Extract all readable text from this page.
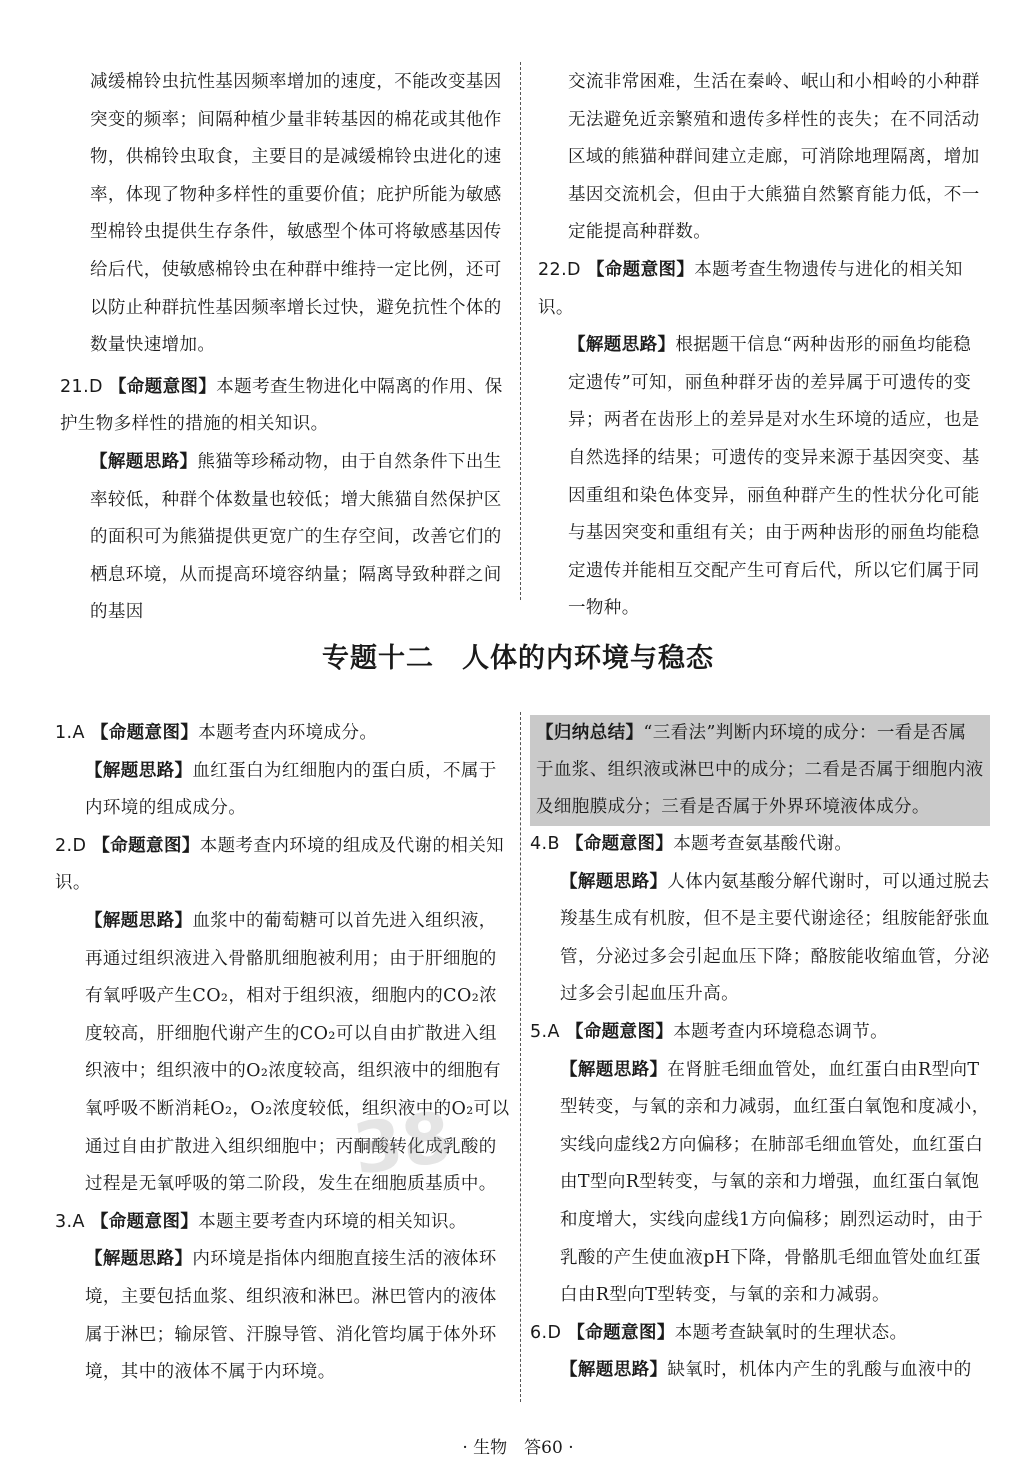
减缓棉铃虫抗性基因频率增加的速度，不能改变基因突变的频率；间隔种植少量非转基因的棉花或其他作物，供棉铃虫取食，主要目的是减缓棉铃虫进化的速率，体现了物种多样性的重要价值；庇护所能为敏感型棉铃虫提供生存条件，敏感型个体可将敏感基因传给后代，使敏感棉铃虫在种群中维持一定比例，还可以防止种群抗性基因频率增长过快，避免抗性个体的数量快速增加。

21.D 【命题意图】本题考查生物进化中隔离的作用、保护生物多样性的措施的相关知识。

【解题思路】熊猫等珍稀动物，由于自然条件下出生率较低，种群个体数量也较低；增大熊猫自然保护区的面积可为熊猫提供更宽广的生存空间，改善它们的栖息环境，从而提高环境容纳量；隔离导致种群之间的基因

交流非常困难，生活在秦岭、岷山和小相岭的小种群无法避免近亲繁殖和遗传多样性的丧失；在不同活动区域的熊猫种群间建立走廊，可消除地理隔离，增加基因交流机会，但由于大熊猫自然繁育能力低，不一定能提高种群数。

22.D 【命题意图】本题考查生物遗传与进化的相关知识。

【解题思路】根据题干信息“两种齿形的丽鱼均能稳定遗传”可知，丽鱼种群牙齿的差异属于可遗传的变异；两者在齿形上的差异是对水生环境的适应，也是自然选择的结果；可遗传的变异来源于基因突变、基因重组和染色体变异，丽鱼种群产生的性状分化可能与基因突变和重组有关；由于两种齿形的丽鱼均能稳定遗传并能相互交配产生可育后代，所以它们属于同一物种。

专题十二　人体的内环境与稳态

1.A 【命题意图】本题考查内环境成分。

【解题思路】血红蛋白为红细胞内的蛋白质，不属于内环境的组成成分。

2.D 【命题意图】本题考查内环境的组成及代谢的相关知识。

【解题思路】血浆中的葡萄糖可以首先进入组织液，再通过组织液进入骨骼肌细胞被利用；由于肝细胞的有氧呼吸产生CO₂，相对于组织液，细胞内的CO₂浓度较高，肝细胞代谢产生的CO₂可以自由扩散进入组织液中；组织液中的O₂浓度较高，组织液中的细胞有氧呼吸不断消耗O₂，O₂浓度较低，组织液中的O₂可以通过自由扩散进入组织细胞中；丙酮酸转化成乳酸的过程是无氧呼吸的第二阶段，发生在细胞质基质中。

3.A 【命题意图】本题主要考查内环境的相关知识。

【解题思路】内环境是指体内细胞直接生活的液体环境，主要包括血浆、组织液和淋巴。淋巴管内的液体属于淋巴；输尿管、汗腺导管、消化管均属于体外环境，其中的液体不属于内环境。

【归纳总结】“三看法”判断内环境的成分：一看是否属于血浆、组织液或淋巴中的成分；二看是否属于细胞内液及细胞膜成分；三看是否属于外界环境液体成分。

4.B 【命题意图】本题考查氨基酸代谢。

【解题思路】人体内氨基酸分解代谢时，可以通过脱去羧基生成有机胺，但不是主要代谢途径；组胺能舒张血管，分泌过多会引起血压下降；酪胺能收缩血管，分泌过多会引起血压升高。

5.A 【命题意图】本题考查内环境稳态调节。

【解题思路】在肾脏毛细血管处，血红蛋白由R型向T型转变，与氧的亲和力减弱，血红蛋白氧饱和度减小，实线向虚线2方向偏移；在肺部毛细血管处，血红蛋白由T型向R型转变，与氧的亲和力增强，血红蛋白氧饱和度增大，实线向虚线1方向偏移；剧烈运动时，由于乳酸的产生使血液pH下降，骨骼肌毛细血管处血红蛋白由R型向T型转变，与氧的亲和力减弱。

6.D 【命题意图】本题考查缺氧时的生理状态。

【解题思路】缺氧时，机体内产生的乳酸与血液中的

38
· 生物　答60 ·
